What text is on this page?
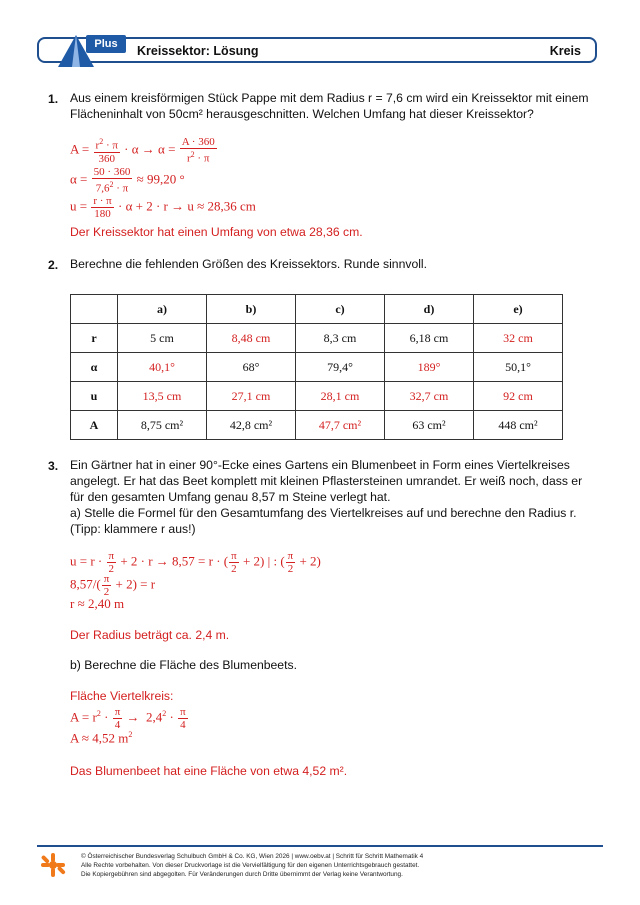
Kreissektor: Lösung	Kreis
Plus
1. Aus einem kreisförmigen Stück Pappe mit dem Radius r = 7,6 cm wird ein Kreissektor mit einem
Flächeninhalt von 50cm² herausgeschnitten. Welchen Umfang hat dieser Kreissektor?
$A = \frac{r^2 \cdot \pi}{360} \cdot \alpha \to \alpha = \frac{A \cdot 360}{r^2 \cdot \pi}$
$\alpha = \frac{50 \cdot 360}{7,6^2 \cdot \pi} \approx 99,20$ °
$u = \frac{r \cdot \pi}{180} \cdot \alpha + 2 \cdot r \to u \approx 28,36$ cm
Der Kreissektor hat einen Umfang von etwa 28,36 cm.
2. Berechne die fehlenden Größen des Kreissektors. Runde sinnvoll.
	a)	b)	c)	d)	e)
r	5 cm	8,48 cm	8,3 cm	6,18 cm	32 cm
α	40,1°	68°	79,4°	189°	50,1°
u	13,5 cm	27,1 cm	28,1 cm	32,7 cm	92 cm
A	8,75 cm²	42,8 cm²	47,7 cm²	63 cm²	448 cm²
3. Ein Gärtner hat in einer 90°-Ecke eines Gartens ein Blumenbeet in Form eines Viertelkreises
angelegt. Er hat das Beet komplett mit kleinen Pflastersteinen umrandet. Er weiß noch, dass er
für den gesamten Umfang genau 8,57 m Steine verlegt hat.
a) Stelle die Formel für den Gesamtumfang des Viertelkreises auf und berechne den Radius r.
(Tipp: klammere r aus!)
$u = r \cdot \frac{\pi}{2} + 2 \cdot r \to 8,57 = r$ · ( $\frac{\pi}{2} + 2$) | : ( $\frac{\pi}{2} + 2$)
$8,57/( \frac{\pi}{2} + 2) = r$
r ≈ 2,40 m
Der Radius beträgt ca. 2,4 m.
b) Berechne die Fläche des Blumenbeets.
Fläche Viertelkreis:
$A = r^2 \cdot \frac{\pi}{4} \to 2,4^2 \cdot \frac{\pi}{4}$
A ≈ 4,52 $m^2$
Das Blumenbeet hat eine Fläche von etwa 4,52 m².
© Österreichischer Bundesverlag Schulbuch GmbH & Co. KG, Wien 2026 | www.oebv.at | Schritt für Schritt Mathematik 4
Alle Rechte vorbehalten. Von dieser Druckvorlage ist die Vervielfältigung für den eigenen Unterrichtsgebrauch gestattet.
Die Kopiergebühren sind abgegolten. Für Veränderungen durch Dritte übernimmt der Verlag keine Verantwortung.
